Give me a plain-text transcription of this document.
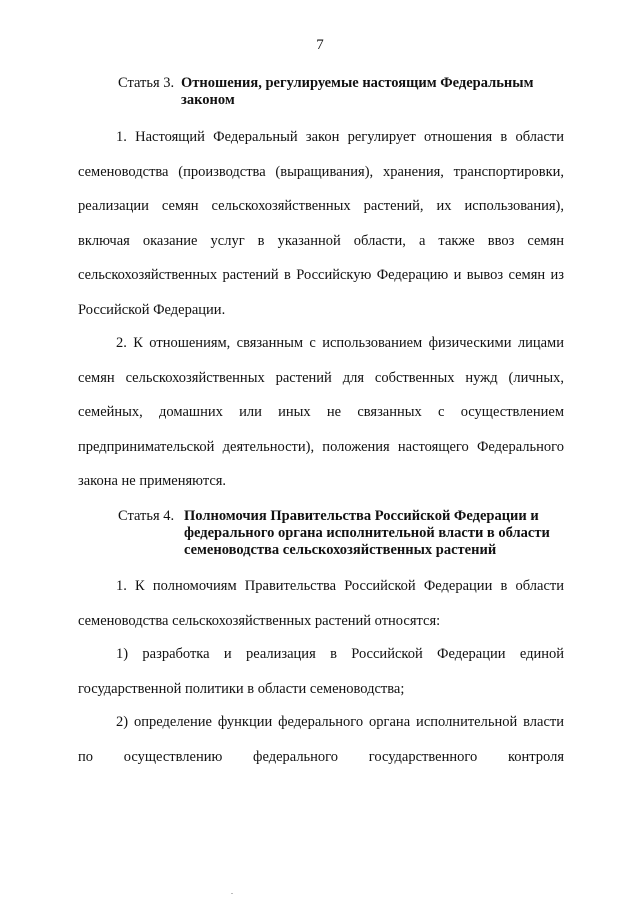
7
Статья 3. Отношения, регулируемые настоящим Федеральным законом

1. Настоящий Федеральный закон регулирует отношения в области семеноводства (производства (выращивания), хранения, транспортировки, реализации семян сельскохозяйственных растений, их использования), включая оказание услуг в указанной области, а также ввоз семян сельскохозяйственных растений в Российскую Федерацию и вывоз семян из Российской Федерации.

2. К отношениям, связанным с использованием физическими лицами семян сельскохозяйственных растений для собственных нужд (личных, семейных, домашних или иных не связанных с осуществлением предпринимательской деятельности), положения настоящего Федерального закона не применяются.

Статья 4. Полномочия Правительства Российской Федерации и федерального органа исполнительной власти в области семеноводства сельскохозяйственных растений

1. К полномочиям Правительства Российской Федерации в области семеноводства сельскохозяйственных растений относятся:

1) разработка и реализация в Российской Федерации единой государственной политики в области семеноводства;

2) определение функции федерального органа исполнительной власти по осуществлению федерального государственного контроля
